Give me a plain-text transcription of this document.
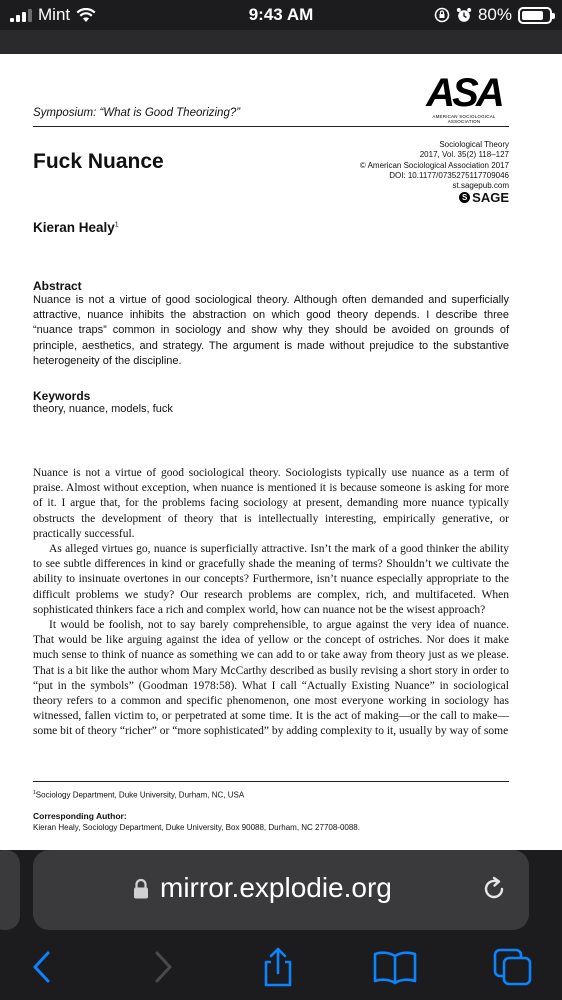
Mint	9:43 AM	80%
Symposium: “What is Good Theorizing?”	ASA
AMERICAN SOCIOLOGICAL ASSOCIATION
Fuck Nuance
Sociological Theory
2017, Vol. 35(2) 118–127
© American Sociological Association 2017
DOI: 10.1177/0735275117709046
st.sagepub.com
S SAGE
Kieran Healy$^1$
Abstract
Nuance is not a virtue of good sociological theory. Although often demanded and superficially attractive, nuance inhibits the abstraction on which good theory depends. I describe three “nuance traps” common in sociology and show why they should be avoided on grounds of principle, aesthetics, and strategy. The argument is made without prejudice to the substantive heterogeneity of the discipline.
Keywords
theory, nuance, models, fuck

Nuance is not a virtue of good sociological theory. Sociologists typically use nuance as a term of praise. Almost without exception, when nuance is mentioned it is because someone is asking for more of it. I argue that, for the problems facing sociology at present, demanding more nuance typically obstructs the development of theory that is intellectually interesting, empirically generative, or practically successful.

As alleged virtues go, nuance is superficially attractive. Isn’t the mark of a good thinker the ability to see subtle differences in kind or gracefully shade the meaning of terms? Shouldn’t we cultivate the ability to insinuate overtones in our concepts? Furthermore, isn’t nuance especially appropriate to the difficult problems we study? Our research problems are complex, rich, and multifaceted. When sophisticated thinkers face a rich and complex world, how can nuance not be the wisest approach?

It would be foolish, not to say barely comprehensible, to argue against the very idea of nuance. That would be like arguing against the idea of yellow or the concept of ostriches. Nor does it make much sense to think of nuance as something we can add to or take away from theory just as we please. That is a bit like the author whom Mary McCarthy described as busily revising a short story in order to “put in the symbols” (Goodman 1978:58). What I call “Actually Existing Nuance” in sociological theory refers to a common and specific phenomenon, one most everyone working in sociology has witnessed, fallen victim to, or perpetrated at some time. It is the act of making—or the call to make—some bit of theory “richer” or “more sophisticated” by adding complexity to it, usually by way of some

$^1$Sociology Department, Duke University, Durham, NC, USA
Corresponding Author:
Kieran Healy, Sociology Department, Duke University, Box 90088, Durham, NC 27708-0088.
mirror.explodie.org
